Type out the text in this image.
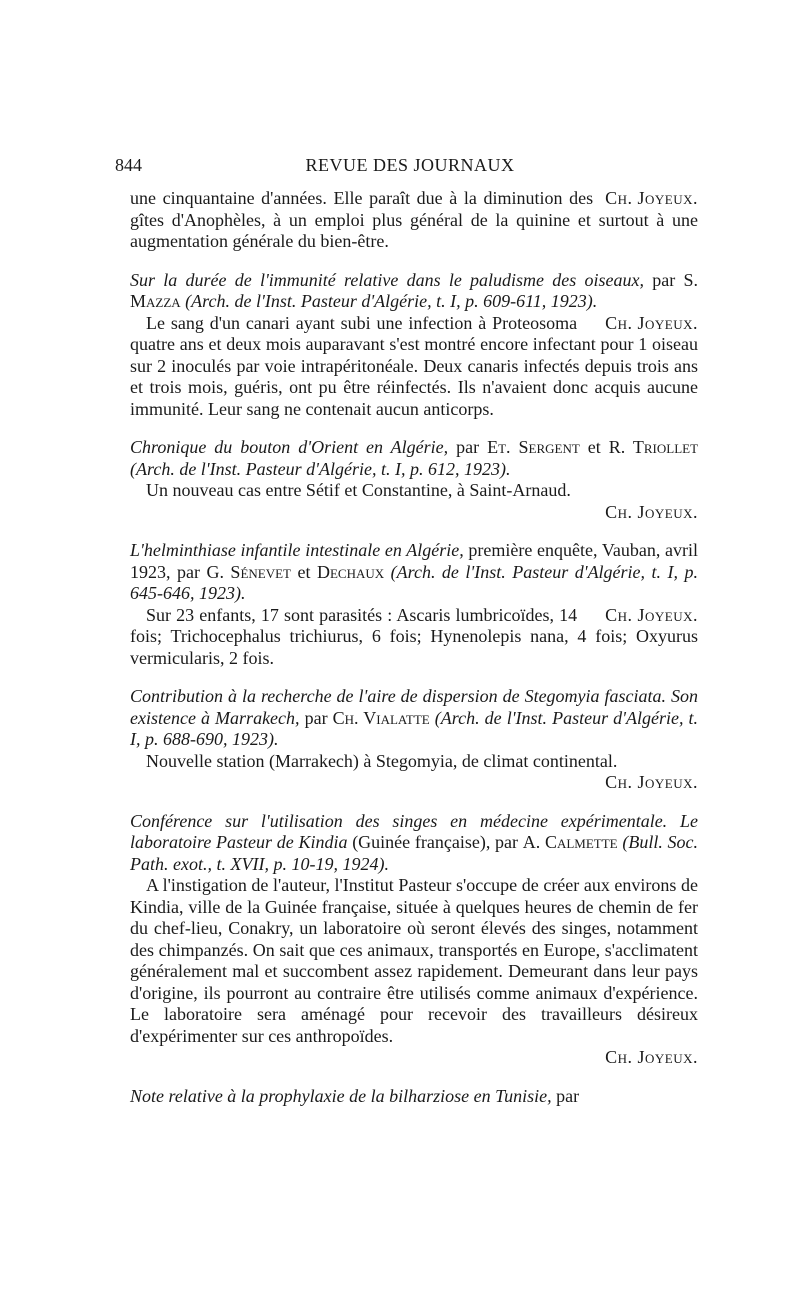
844	REVUE DES JOURNAUX

Ch. Joyeux.
une cinquantaine d'années. Elle paraît due à la diminution des gîtes d'Anophèles, à un emploi plus général de la quinine et surtout à une augmentation générale du bien-être.

Sur la durée de l'immunité relative dans le paludisme des oiseaux, par S. Mazza (Arch. de l'Inst. Pasteur d'Algérie, t. I, p. 609-611, 1923).

Ch. Joyeux.
Le sang d'un canari ayant subi une infection à Proteosoma quatre ans et deux mois auparavant s'est montré encore infectant pour 1 oiseau sur 2 inoculés par voie intrapéritonéale. Deux canaris infectés depuis trois ans et trois mois, guéris, ont pu être réinfectés. Ils n'avaient donc acquis aucune immunité. Leur sang ne contenait aucun anticorps.

Chronique du bouton d'Orient en Algérie, par Et. Sergent et R. Triollet (Arch. de l'Inst. Pasteur d'Algérie, t. I, p. 612, 1923).

Un nouveau cas entre Sétif et Constantine, à Saint-Arnaud.

Ch. Joyeux.

L'helminthiase infantile intestinale en Algérie, première enquête, Vauban, avril 1923, par G. Sénevet et Dechaux (Arch. de l'Inst. Pasteur d'Algérie, t. I, p. 645-646, 1923).

Ch. Joyeux.
Sur 23 enfants, 17 sont parasités : Ascaris lumbricoïdes, 14 fois; Trichocephalus trichiurus, 6 fois; Hynenolepis nana, 4 fois; Oxyurus vermicularis, 2 fois.

Contribution à la recherche de l'aire de dispersion de Stegomyia fasciata. Son existence à Marrakech, par Ch. Vialatte (Arch. de l'Inst. Pasteur d'Algérie, t. I, p. 688-690, 1923).

Nouvelle station (Marrakech) à Stegomyia, de climat continental.

Ch. Joyeux.

Conférence sur l'utilisation des singes en médecine expérimentale. Le laboratoire Pasteur de Kindia (Guinée française), par A. Calmette (Bull. Soc. Path. exot., t. XVII, p. 10-19, 1924).

A l'instigation de l'auteur, l'Institut Pasteur s'occupe de créer aux environs de Kindia, ville de la Guinée française, située à quelques heures de chemin de fer du chef-lieu, Conakry, un laboratoire où seront élevés des singes, notamment des chimpanzés. On sait que ces animaux, transportés en Europe, s'acclimatent généralement mal et succombent assez rapidement. Demeurant dans leur pays d'origine, ils pourront au contraire être utilisés comme animaux d'expérience. Le laboratoire sera aménagé pour recevoir des travailleurs désireux d'expérimenter sur ces anthropoïdes.

Ch. Joyeux.

Note relative à la prophylaxie de la bilharziose en Tunisie, par
